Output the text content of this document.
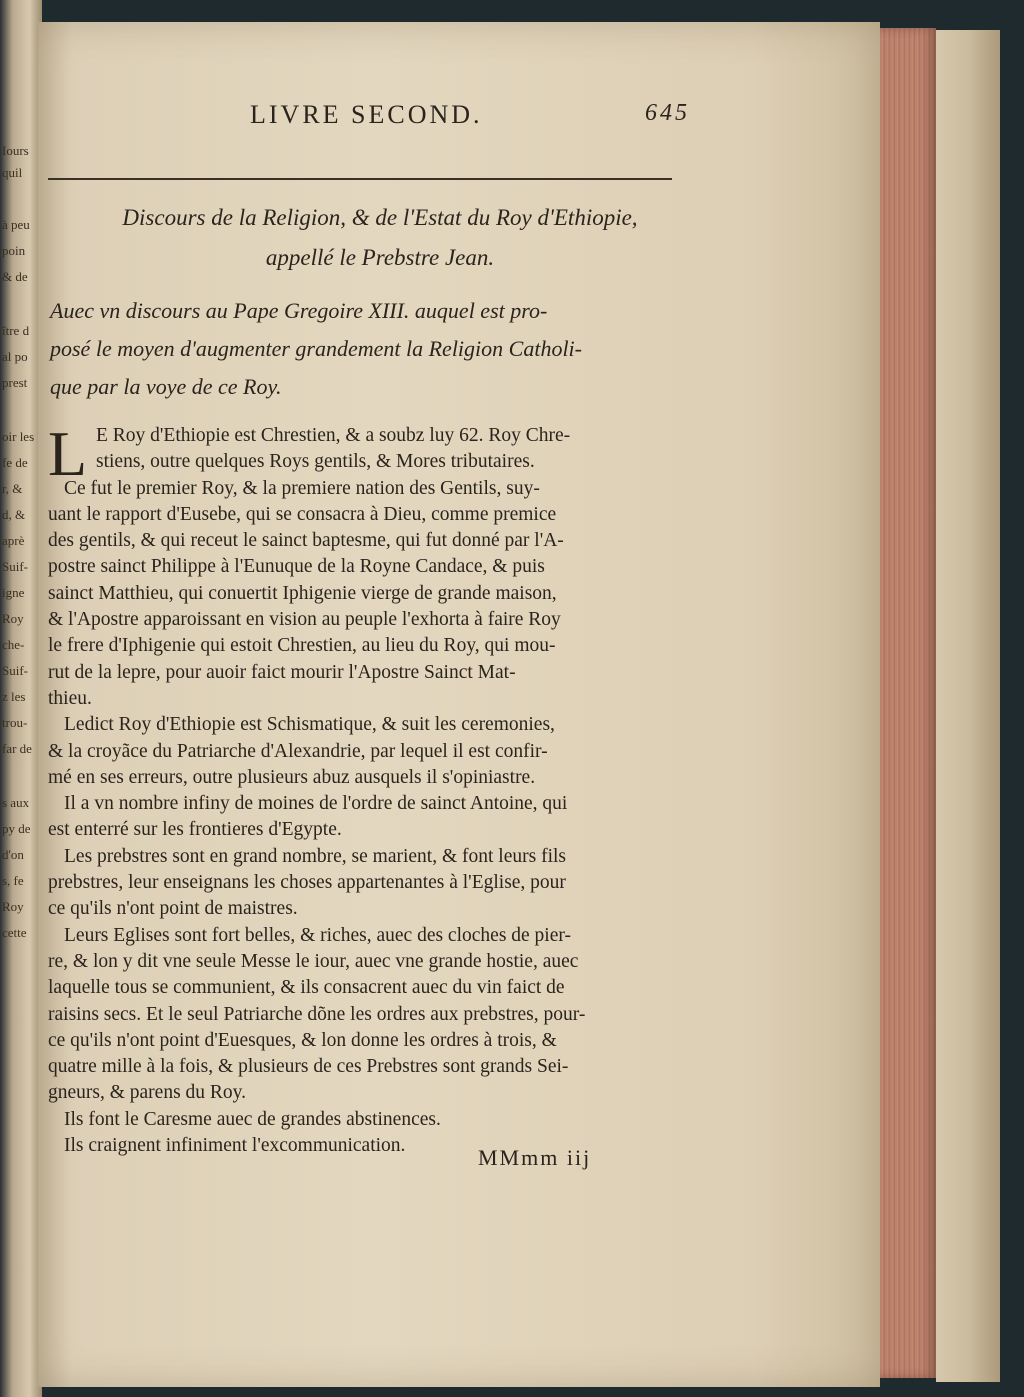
Iours
quil
à peu
poin
& de
ître d
al po
prest
oir les
fe de
r, &
d, &
aprè
Suif-
igne
Roy
che-
Suif-
z les
trou-
far de
s aux
py de
d'on
s, fe
Roy
cette
LIVRE SECOND.	645
Discours de la Religion, & de l'Estat du Roy d'Ethiopie,
appellé le Prebstre Jean.
Auec vn discours au Pape Gregoire XIII. auquel est pro-
posé le moyen d'augmenter grandement la Religion Catholi-
que par la voye de ce Roy.
L E Roy d'Ethiopie est Chrestien, & a soubz luy 62. Roy Chre-
stiens, outre quelques Roys gentils, & Mores tributaires.
Ce fut le premier Roy, & la premiere nation des Gentils, suy-
uant le rapport d'Eusebe, qui se consacra à Dieu, comme premice
des gentils, & qui receut le sainct baptesme, qui fut donné par l'A-
postre sainct Philippe à l'Eunuque de la Royne Candace, & puis
sainct Matthieu, qui conuertit Iphigenie vierge de grande maison,
& l'Apostre apparoissant en vision au peuple l'exhorta à faire Roy
le frere d'Iphigenie qui estoit Chrestien, au lieu du Roy, qui mou-
rut de la lepre, pour auoir faict mourir l'Apostre Sainct Mat-
thieu.
Ledict Roy d'Ethiopie est Schismatique, & suit les ceremonies,
& la croyãce du Patriarche d'Alexandrie, par lequel il est confir-
mé en ses erreurs, outre plusieurs abuz ausquels il s'opiniastre.
Il a vn nombre infiny de moines de l'ordre de sainct Antoine, qui
est enterré sur les frontieres d'Egypte.
Les prebstres sont en grand nombre, se marient, & font leurs fils
prebstres, leur enseignans les choses appartenantes à l'Eglise, pour
ce qu'ils n'ont point de maistres.
Leurs Eglises sont fort belles, & riches, auec des cloches de pier-
re, & lon y dit vne seule Messe le iour, auec vne grande hostie, auec
laquelle tous se communient, & ils consacrent auec du vin faict de
raisins secs. Et le seul Patriarche dõne les ordres aux prebstres, pour-
ce qu'ils n'ont point d'Euesques, & lon donne les ordres à trois, &
quatre mille à la fois, & plusieurs de ces Prebstres sont grands Sei-
gneurs, & parens du Roy.
Ils font le Caresme auec de grandes abstinences.
Ils craignent infiniment l'excommunication.	MMmm iij
